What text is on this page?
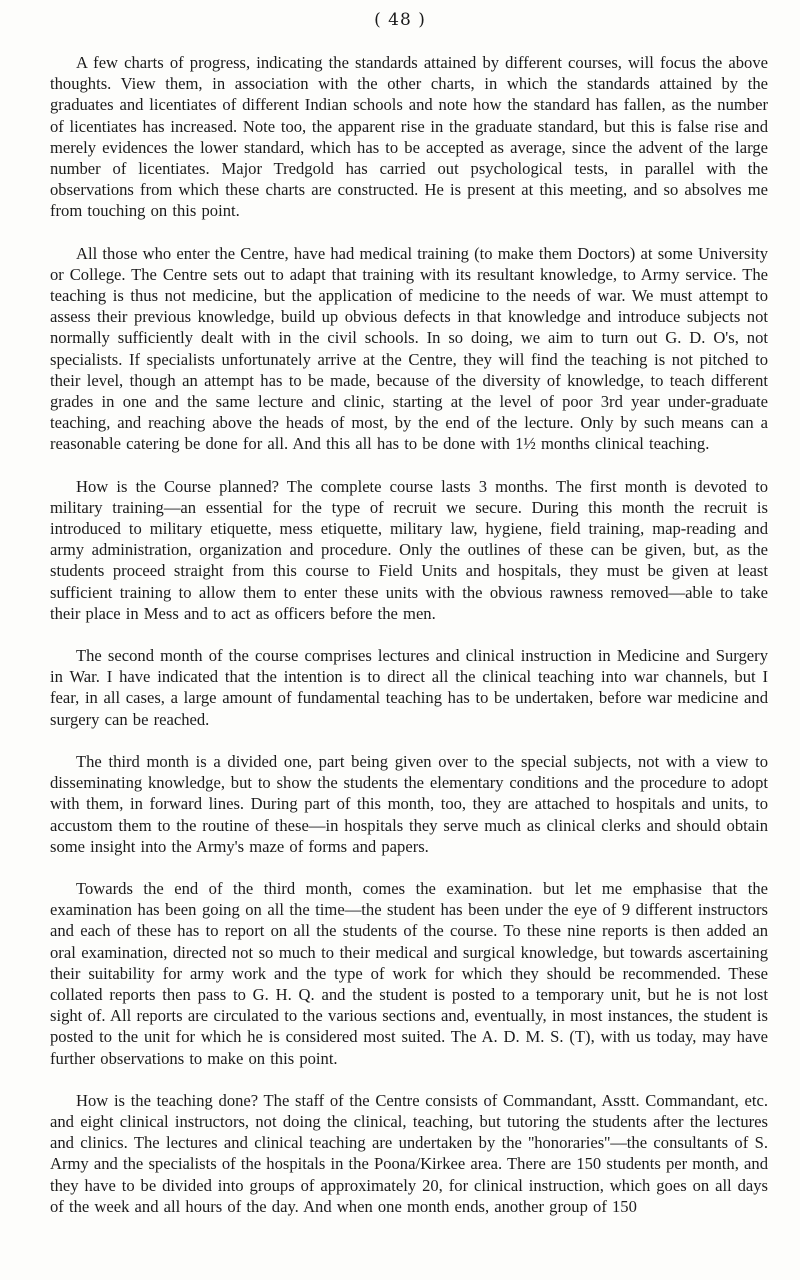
( 48 )

A few charts of progress, indicating the standards attained by different courses, will focus the above thoughts. View them, in association with the other charts, in which the standards attained by the graduates and licentiates of different Indian schools and note how the standard has fallen, as the number of licentiates has increased. Note too, the apparent rise in the graduate standard, but this is false rise and merely evidences the lower standard, which has to be accepted as average, since the advent of the large number of licentiates. Major Tredgold has carried out psychological tests, in parallel with the observations from which these charts are constructed. He is present at this meeting, and so absolves me from touching on this point.

All those who enter the Centre, have had medical training (to make them Doctors) at some University or College. The Centre sets out to adapt that training with its resultant knowledge, to Army service. The teaching is thus not medicine, but the application of medicine to the needs of war. We must attempt to assess their previous knowledge, build up obvious defects in that knowledge and introduce subjects not normally sufficiently dealt with in the civil schools. In so doing, we aim to turn out G. D. O's, not specialists. If specialists unfortunately arrive at the Centre, they will find the teaching is not pitched to their level, though an attempt has to be made, because of the diversity of knowledge, to teach different grades in one and the same lecture and clinic, starting at the level of poor 3rd year under-graduate teaching, and reaching above the heads of most, by the end of the lecture. Only by such means can a reasonable catering be done for all. And this all has to be done with 1½ months clinical teaching.

How is the Course planned? The complete course lasts 3 months. The first month is devoted to military training—an essential for the type of recruit we secure. During this month the recruit is introduced to military etiquette, mess etiquette, military law, hygiene, field training, map-reading and army administration, organization and procedure. Only the outlines of these can be given, but, as the students proceed straight from this course to Field Units and hospitals, they must be given at least sufficient training to allow them to enter these units with the obvious rawness removed—able to take their place in Mess and to act as officers before the men.

The second month of the course comprises lectures and clinical instruction in Medicine and Surgery in War. I have indicated that the intention is to direct all the clinical teaching into war channels, but I fear, in all cases, a large amount of fundamental teaching has to be undertaken, before war medicine and surgery can be reached.

The third month is a divided one, part being given over to the special subjects, not with a view to disseminating knowledge, but to show the students the elementary conditions and the procedure to adopt with them, in forward lines. During part of this month, too, they are attached to hospitals and units, to accustom them to the routine of these—in hospitals they serve much as clinical clerks and should obtain some insight into the Army's maze of forms and papers.

Towards the end of the third month, comes the examination. but let me emphasise that the examination has been going on all the time—the student has been under the eye of 9 different instructors and each of these has to report on all the students of the course. To these nine reports is then added an oral examination, directed not so much to their medical and surgical knowledge, but towards ascertaining their suitability for army work and the type of work for which they should be recommended. These collated reports then pass to G. H. Q. and the student is posted to a temporary unit, but he is not lost sight of. All reports are circulated to the various sections and, eventually, in most instances, the student is posted to the unit for which he is considered most suited. The A. D. M. S. (T), with us today, may have further observations to make on this point.

How is the teaching done? The staff of the Centre consists of Commandant, Asstt. Commandant, etc. and eight clinical instructors, not doing the clinical, teaching, but tutoring the students after the lectures and clinics. The lectures and clinical teaching are undertaken by the ''honoraries''—the consultants of S. Army and the specialists of the hospitals in the Poona/Kirkee area. There are 150 students per month, and they have to be divided into groups of approximately 20, for clinical instruction, which goes on all days of the week and all hours of the day. And when one month ends, another group of 150
